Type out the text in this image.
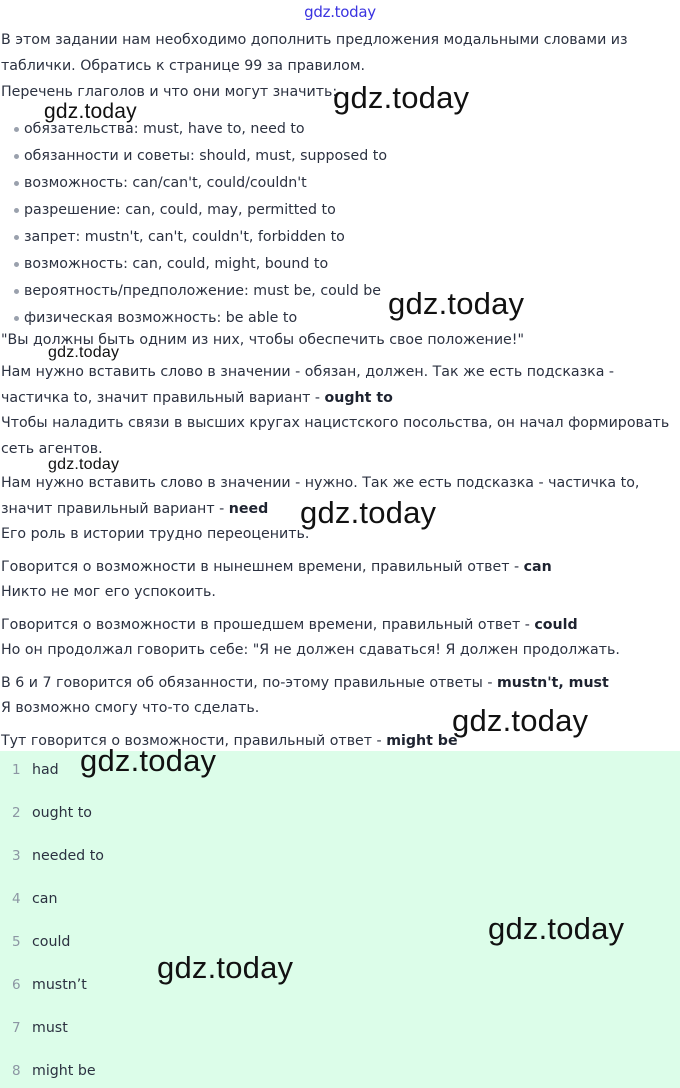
gdz.today
В этом задании нам необходимо дополнить предложения модальными словами из
таблички. Обратись к странице 99 за правилом.
Перечень глаголов и что они могут значить:
обязательства: must, have to, need to
обязанности и советы: should, must, supposed to
возможность: can/can't, could/couldn't
разрешение: can, could, may, permitted to
запрет: mustn't, can't, couldn't, forbidden to
возможность: can, could, might, bound to
вероятность/предположение: must be, could be
физическая возможность: be able to
"Вы должны быть одним из них, чтобы обеспечить свое положение!"
Нам нужно вставить слово в значении - обязан, должен. Так же есть подсказка -
частичка to, значит правильный вариант - ought to
Чтобы наладить связи в высших кругах нацистского посольства, он начал формировать
сеть агентов.
Нам нужно вставить слово в значении - нужно. Так же есть подсказка - частичка to,
значит правильный вариант - need
Его роль в истории трудно переоценить.
Говорится о возможности в нынешнем времени, правильный ответ - can
Никто не мог его успокоить.
Говорится о возможности в прошедшем времени, правильный ответ - could
Но он продолжал говорить себе: "Я не должен сдаваться! Я должен продолжать.
В 6 и 7 говорится об обязанности, по-этому правильные ответы - mustn't, must
Я возможно смогу что-то сделать.
Тут говорится о возможности, правильный ответ - might be
1 had
2 ought to
3 needed to
4 can
5 could
6 mustn’t
7 must
8 might be
gdz.today
gdz.today
gdz.today
gdz.today
gdz.today
gdz.today
gdz.today
gdz.today
gdz.today
gdz.today
